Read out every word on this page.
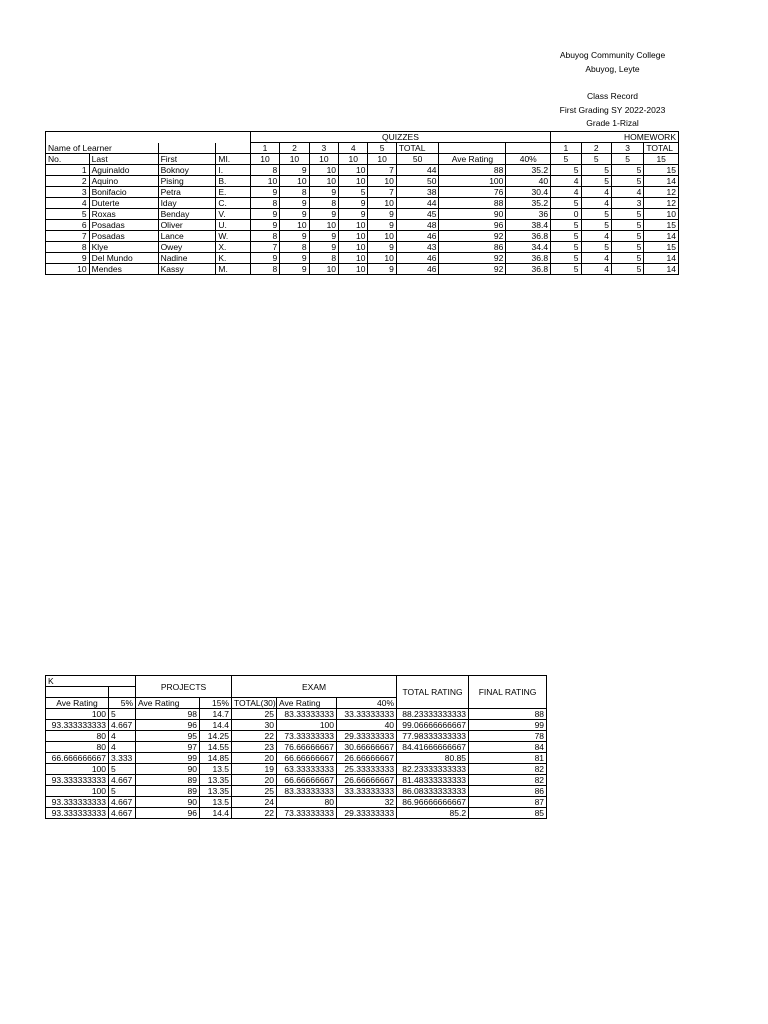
Abuyog Community College
Abuyog, Leyte
Class Record
First Grading SY 2022-2023
Grade 1-Rizal
				QUIZZES								HOMEWORK			
Name of Learner				1	2	3	4	5	TOTAL			1	2	3	TOTAL
No.	Last	First	MI.	10	10	10	10	10	50	Ave Rating	40%	5	5	5	15
1	Aguinaldo	Boknoy	I.	8	9	10	10	7	44	88	35.2	5	5	5	15
2	Aquino	Pising	B.	10	10	10	10	10	50	100	40	4	5	5	14
3	Bonifacio	Petra	E.	9	8	9	5	7	38	76	30.4	4	4	4	12
4	Duterte	Iday	C.	8	9	8	9	10	44	88	35.2	5	4	3	12
5	Roxas	Benday	V.	9	9	9	9	9	45	90	36	0	5	5	10
6	Posadas	Oliver	U.	9	10	10	10	9	48	96	38.4	5	5	5	15
7	Posadas	Lance	W.	8	9	9	10	10	46	92	36.8	5	4	5	14
8	Klye	Owey	X.	7	8	9	10	9	43	86	34.4	5	5	5	15
9	Del Mundo	Nadine	K.	9	9	8	10	10	46	92	36.8	5	4	5	14
10	Mendes	Kassy	M.	8	9	10	10	9	46	92	36.8	5	4	5	14
K		PROJECTS		EXAM			TOTAL RATING	FINAL RATING

Ave Rating	5%	Ave Rating	15%	TOTAL(30)	Ave Rating	40%		
100	5	98	14.7	25	83.33333333	33.33333333	88.23333333333	88
93.333333333	4.667	96	14.4	30	100	40	99.06666666667	99
80	4	95	14.25	22	73.33333333	29.33333333	77.98333333333	78
80	4	97	14.55	23	76.66666667	30.66666667	84.41666666667	84
66.666666667	3.333	99	14.85	20	66.66666667	26.66666667	80.85	81
100	5	90	13.5	19	63.33333333	25.33333333	82.23333333333	82
93.333333333	4.667	89	13.35	20	66.66666667	26.66666667	81.48333333333	82
100	5	89	13.35	25	83.33333333	33.33333333	86.08333333333	86
93.333333333	4.667	90	13.5	24	80	32	86.96666666667	87
93.333333333	4.667	96	14.4	22	73.33333333	29.33333333	85.2	85
